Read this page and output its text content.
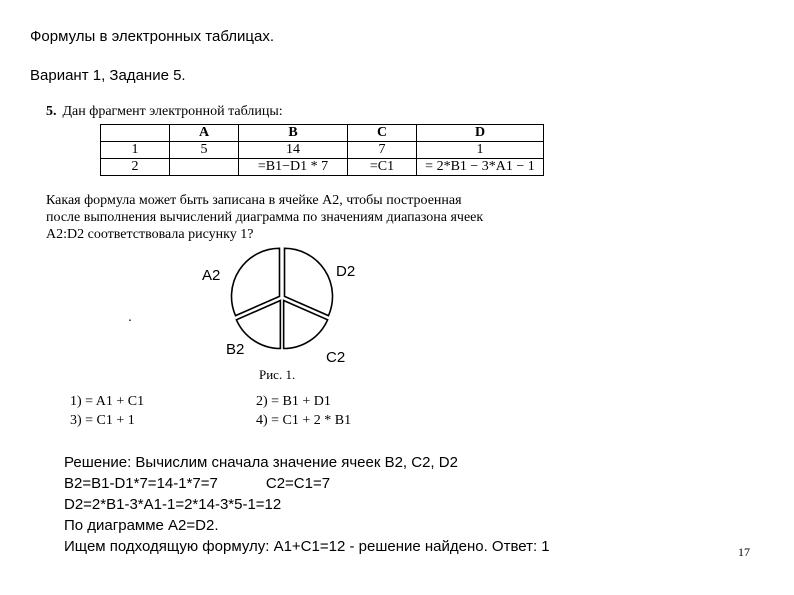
Формулы в электронных таблицах.
Вариант 1, Задание 5.
5. Дан фрагмент электронной таблицы:
	A	B	C	D
1	5	14	7	1
2		=B1−D1 * 7	=C1	= 2*B1 − 3*A1 − 1
Какая формула может быть записана в ячейке A2, чтобы построенная
после выполнения вычислений диаграмма по значениям диапазона ячеек
A2:D2 соответствовала рисунку 1?
.
A2	D2
B2	C2
Рис. 1.
1) = A1 + C1	2) = B1 + D1
3) = C1 + 1	4) = C1 + 2 * B1
Решение: Вычислим сначала значение ячеек B2, C2, D2
B2=B1-D1*7=14-1*7=7	C2=C1=7
D2=2*B1-3*A1-1=2*14-3*5-1=12
По диаграмме A2=D2.
Ищем подходящую формулу: A1+C1=12 - решение найдено. Ответ: 1	17
